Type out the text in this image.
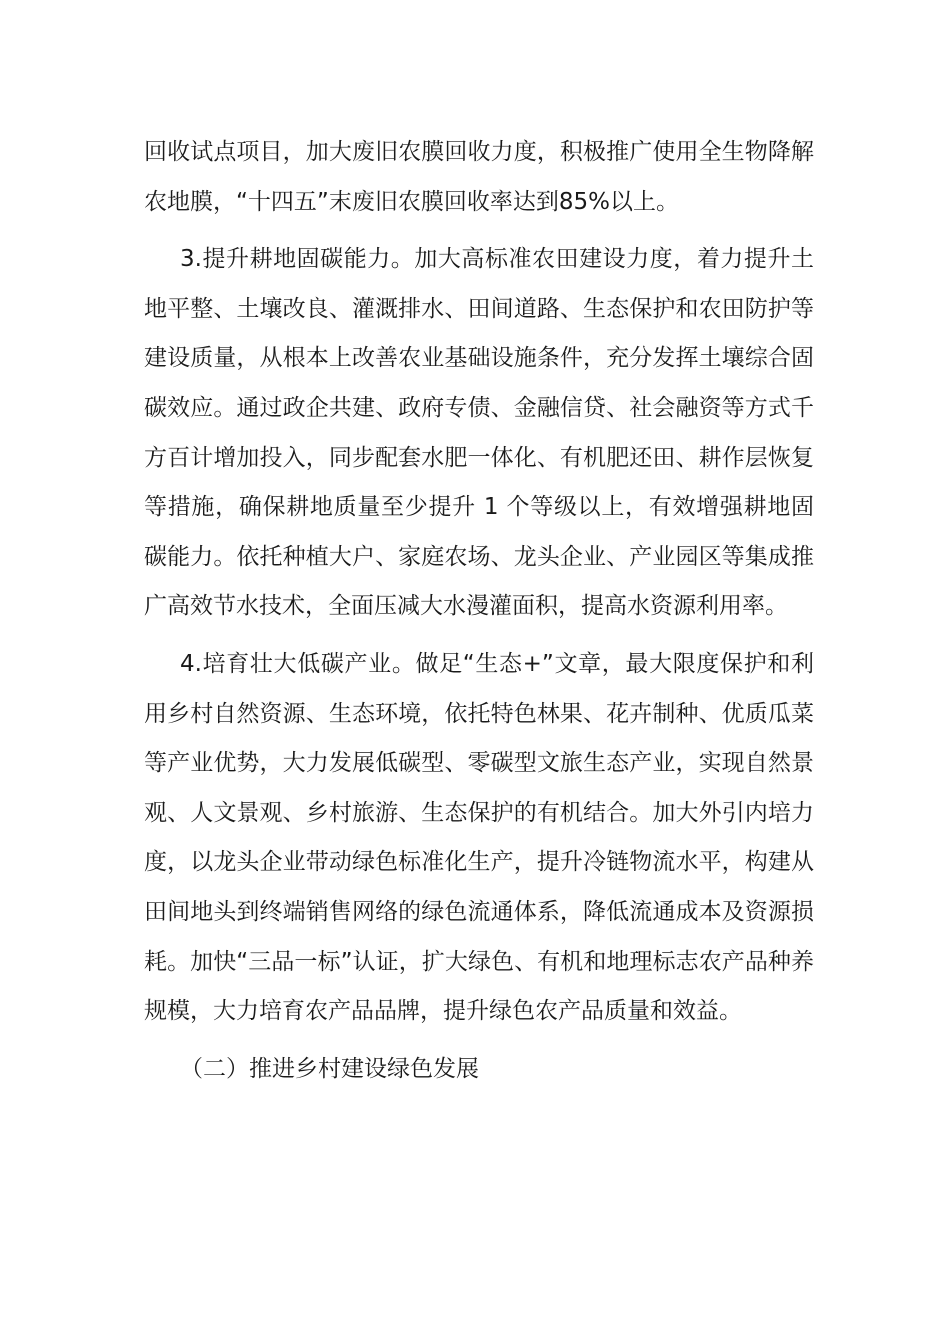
回收试点项目，加大废旧农膜回收力度，积极推广使用全生物降解农地膜，“十四五”末废旧农膜回收率达到85%以上。

3.提升耕地固碳能力。加大高标准农田建设力度，着力提升土地平整、土壤改良、灌溉排水、田间道路、生态保护和农田防护等建设质量，从根本上改善农业基础设施条件，充分发挥土壤综合固碳效应。通过政企共建、政府专债、金融信贷、社会融资等方式千方百计增加投入，同步配套水肥一体化、有机肥还田、耕作层恢复等措施，确保耕地质量至少提升 1 个等级以上，有效增强耕地固碳能力。依托种植大户、家庭农场、龙头企业、产业园区等集成推广高效节水技术，全面压减大水漫灌面积，提高水资源利用率。

4.培育壮大低碳产业。做足“生态+”文章，最大限度保护和利用乡村自然资源、生态环境，依托特色林果、花卉制种、优质瓜菜等产业优势，大力发展低碳型、零碳型文旅生态产业，实现自然景观、人文景观、乡村旅游、生态保护的有机结合。加大外引内培力度，以龙头企业带动绿色标准化生产，提升冷链物流水平，构建从田间地头到终端销售网络的绿色流通体系，降低流通成本及资源损耗。加快“三品一标”认证，扩大绿色、有机和地理标志农产品种养规模，大力培育农产品品牌，提升绿色农产品质量和效益。

（二）推进乡村建设绿色发展
